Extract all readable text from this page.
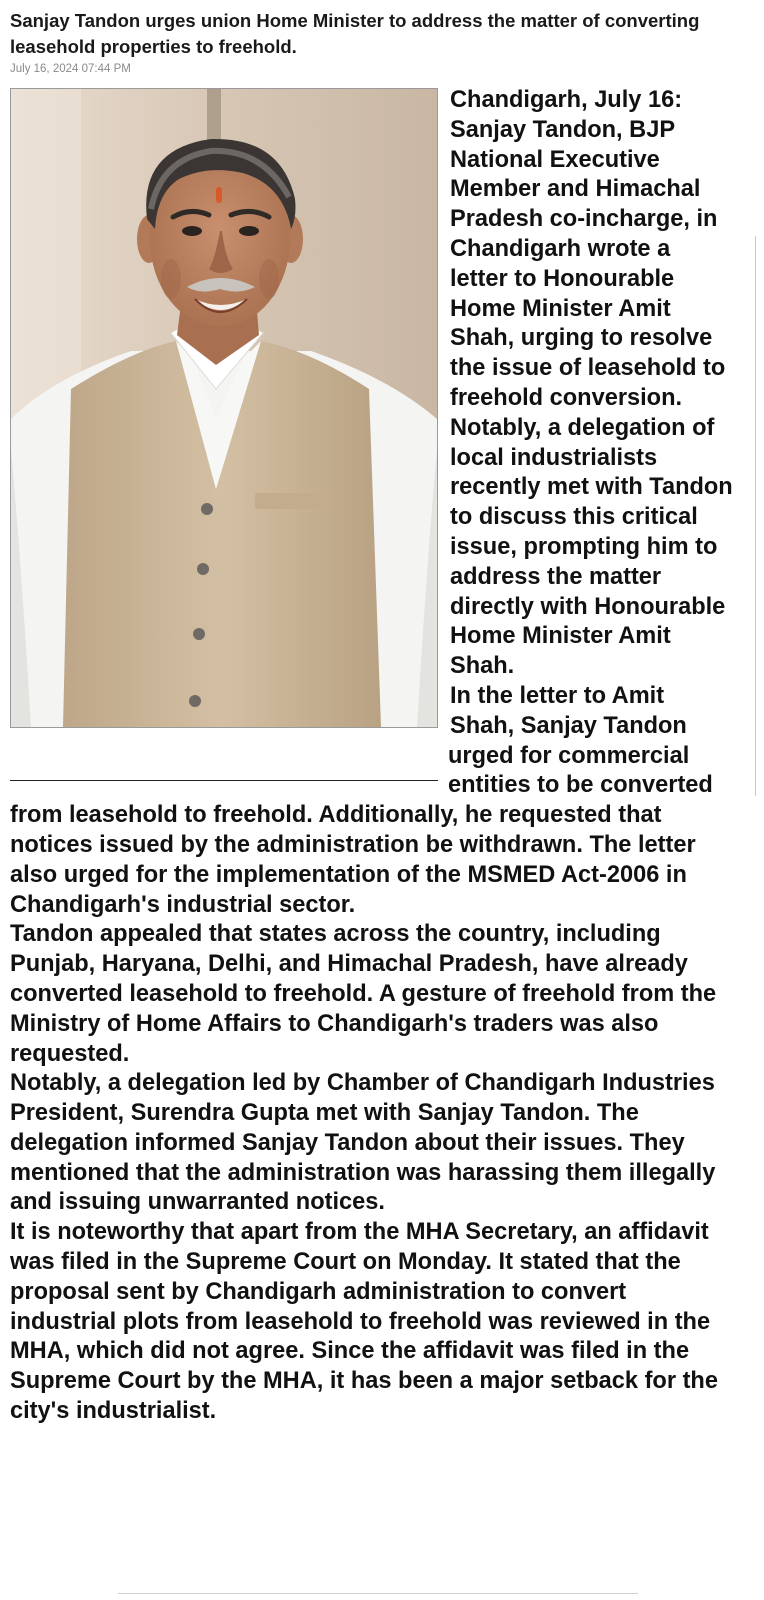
Sanjay Tandon urges union Home Minister to address the matter of converting leasehold properties to freehold.
July 16, 2024 07:44 PM

Chandigarh, July 16: Sanjay Tandon, BJP National Executive Member and Himachal Pradesh co-incharge, in Chandigarh wrote a letter to Honourable Home Minister Amit Shah, urging to resolve the issue of leasehold to freehold conversion.

Notably, a delegation of local industrialists recently met with Tandon to discuss this critical issue, prompting him to address the matter directly with Honourable Home Minister Amit Shah.

In the letter to Amit Shah, Sanjay Tandon urged for commercial entities to be converted from leasehold to freehold. Additionally, he requested that notices issued by the administration be withdrawn. The letter also urged for the implementation of the MSMED Act-2006 in Chandigarh's industrial sector.

Tandon appealed that states across the country, including Punjab, Haryana, Delhi, and Himachal Pradesh, have already converted leasehold to freehold. A gesture of freehold from the Ministry of Home Affairs to Chandigarh's traders was also requested.

Notably, a delegation led by Chamber of Chandigarh Industries President, Surendra Gupta met with Sanjay Tandon. The delegation informed Sanjay Tandon about their issues. They mentioned that the administration was harassing them illegally and issuing unwarranted notices.

It is noteworthy that apart from the MHA Secretary, an affidavit was filed in the Supreme Court on Monday. It stated that the proposal sent by Chandigarh administration to convert industrial plots from leasehold to freehold was reviewed in the MHA, which did not agree. Since the affidavit was filed in the Supreme Court by the MHA, it has been a major setback for the city's industrialist.
